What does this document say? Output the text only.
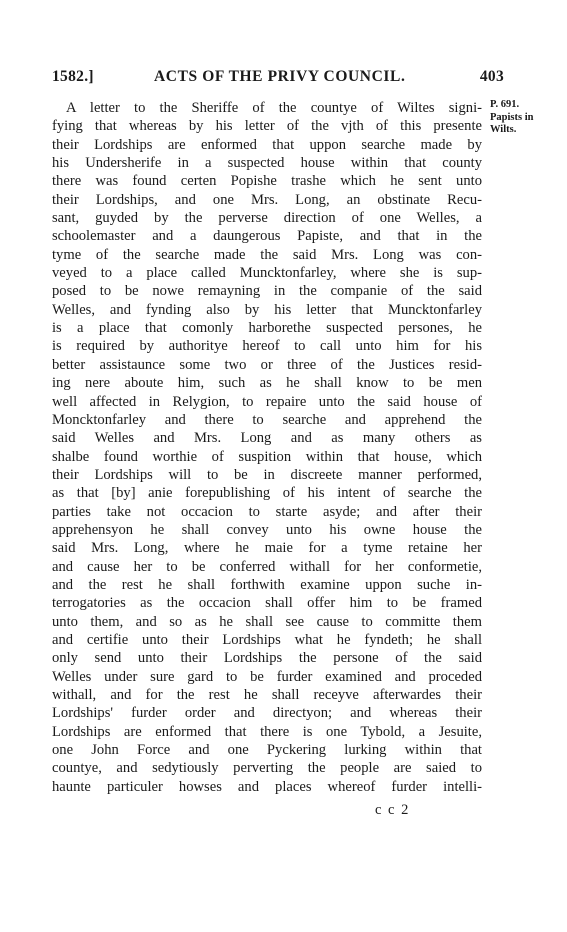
1582.]	ACTS OF THE PRIVY COUNCIL.	403
P. 691.
Papists in
Wilts.
A letter to the Sheriffe of the countye of Wiltes signi-
fying that whereas by his letter of the vjth of this presente
their Lordships are enformed that uppon searche made by
his Undersherife in a suspected house within that county
there was found certen Popishe trashe which he sent unto
their Lordships, and one Mrs. Long, an obstinate Recu-
sant, guyded by the perverse direction of one Welles, a
schoolemaster and a daungerous Papiste, and that in the
tyme of the searche made the said Mrs. Long was con-
veyed to a place called Muncktonfarley, where she is sup-
posed to be nowe remayning in the companie of the said
Welles, and fynding also by his letter that Muncktonfarley
is a place that comonly harborethe suspected persones, he
is required by authoritye hereof to call unto him for his
better assistaunce some two or three of the Justices resid-
ing nere aboute him, such as he shall know to be men
well affected in Relygion, to repaire unto the said house of
Moncktonfarley and there to searche and apprehend the
said Welles and Mrs. Long and as many others as
shalbe found worthie of suspition within that house, which
their Lordships will to be in discreete manner performed,
as that [by] anie forepublishing of his intent of searche the
parties take not occacion to starte asyde; and after their
apprehensyon he shall convey unto his owne house the
said Mrs. Long, where he maie for a tyme retaine her
and cause her to be conferred withall for her conformetie,
and the rest he shall forthwith examine uppon suche in-
terrogatories as the occacion shall offer him to be framed
unto them, and so as he shall see cause to committe them
and certifie unto their Lordships what he fyndeth; he shall
only send unto their Lordships the persone of the said
Welles under sure gard to be furder examined and proceded
withall, and for the rest he shall receyve afterwardes their
Lordships' furder order and directyon; and whereas their
Lordships are enformed that there is one Tybold, a Jesuite,
one John Force and one Pyckering lurking within that
countye, and sedytiously perverting the people are saied to
haunte particuler howses and places whereof furder intelli-
c c 2
